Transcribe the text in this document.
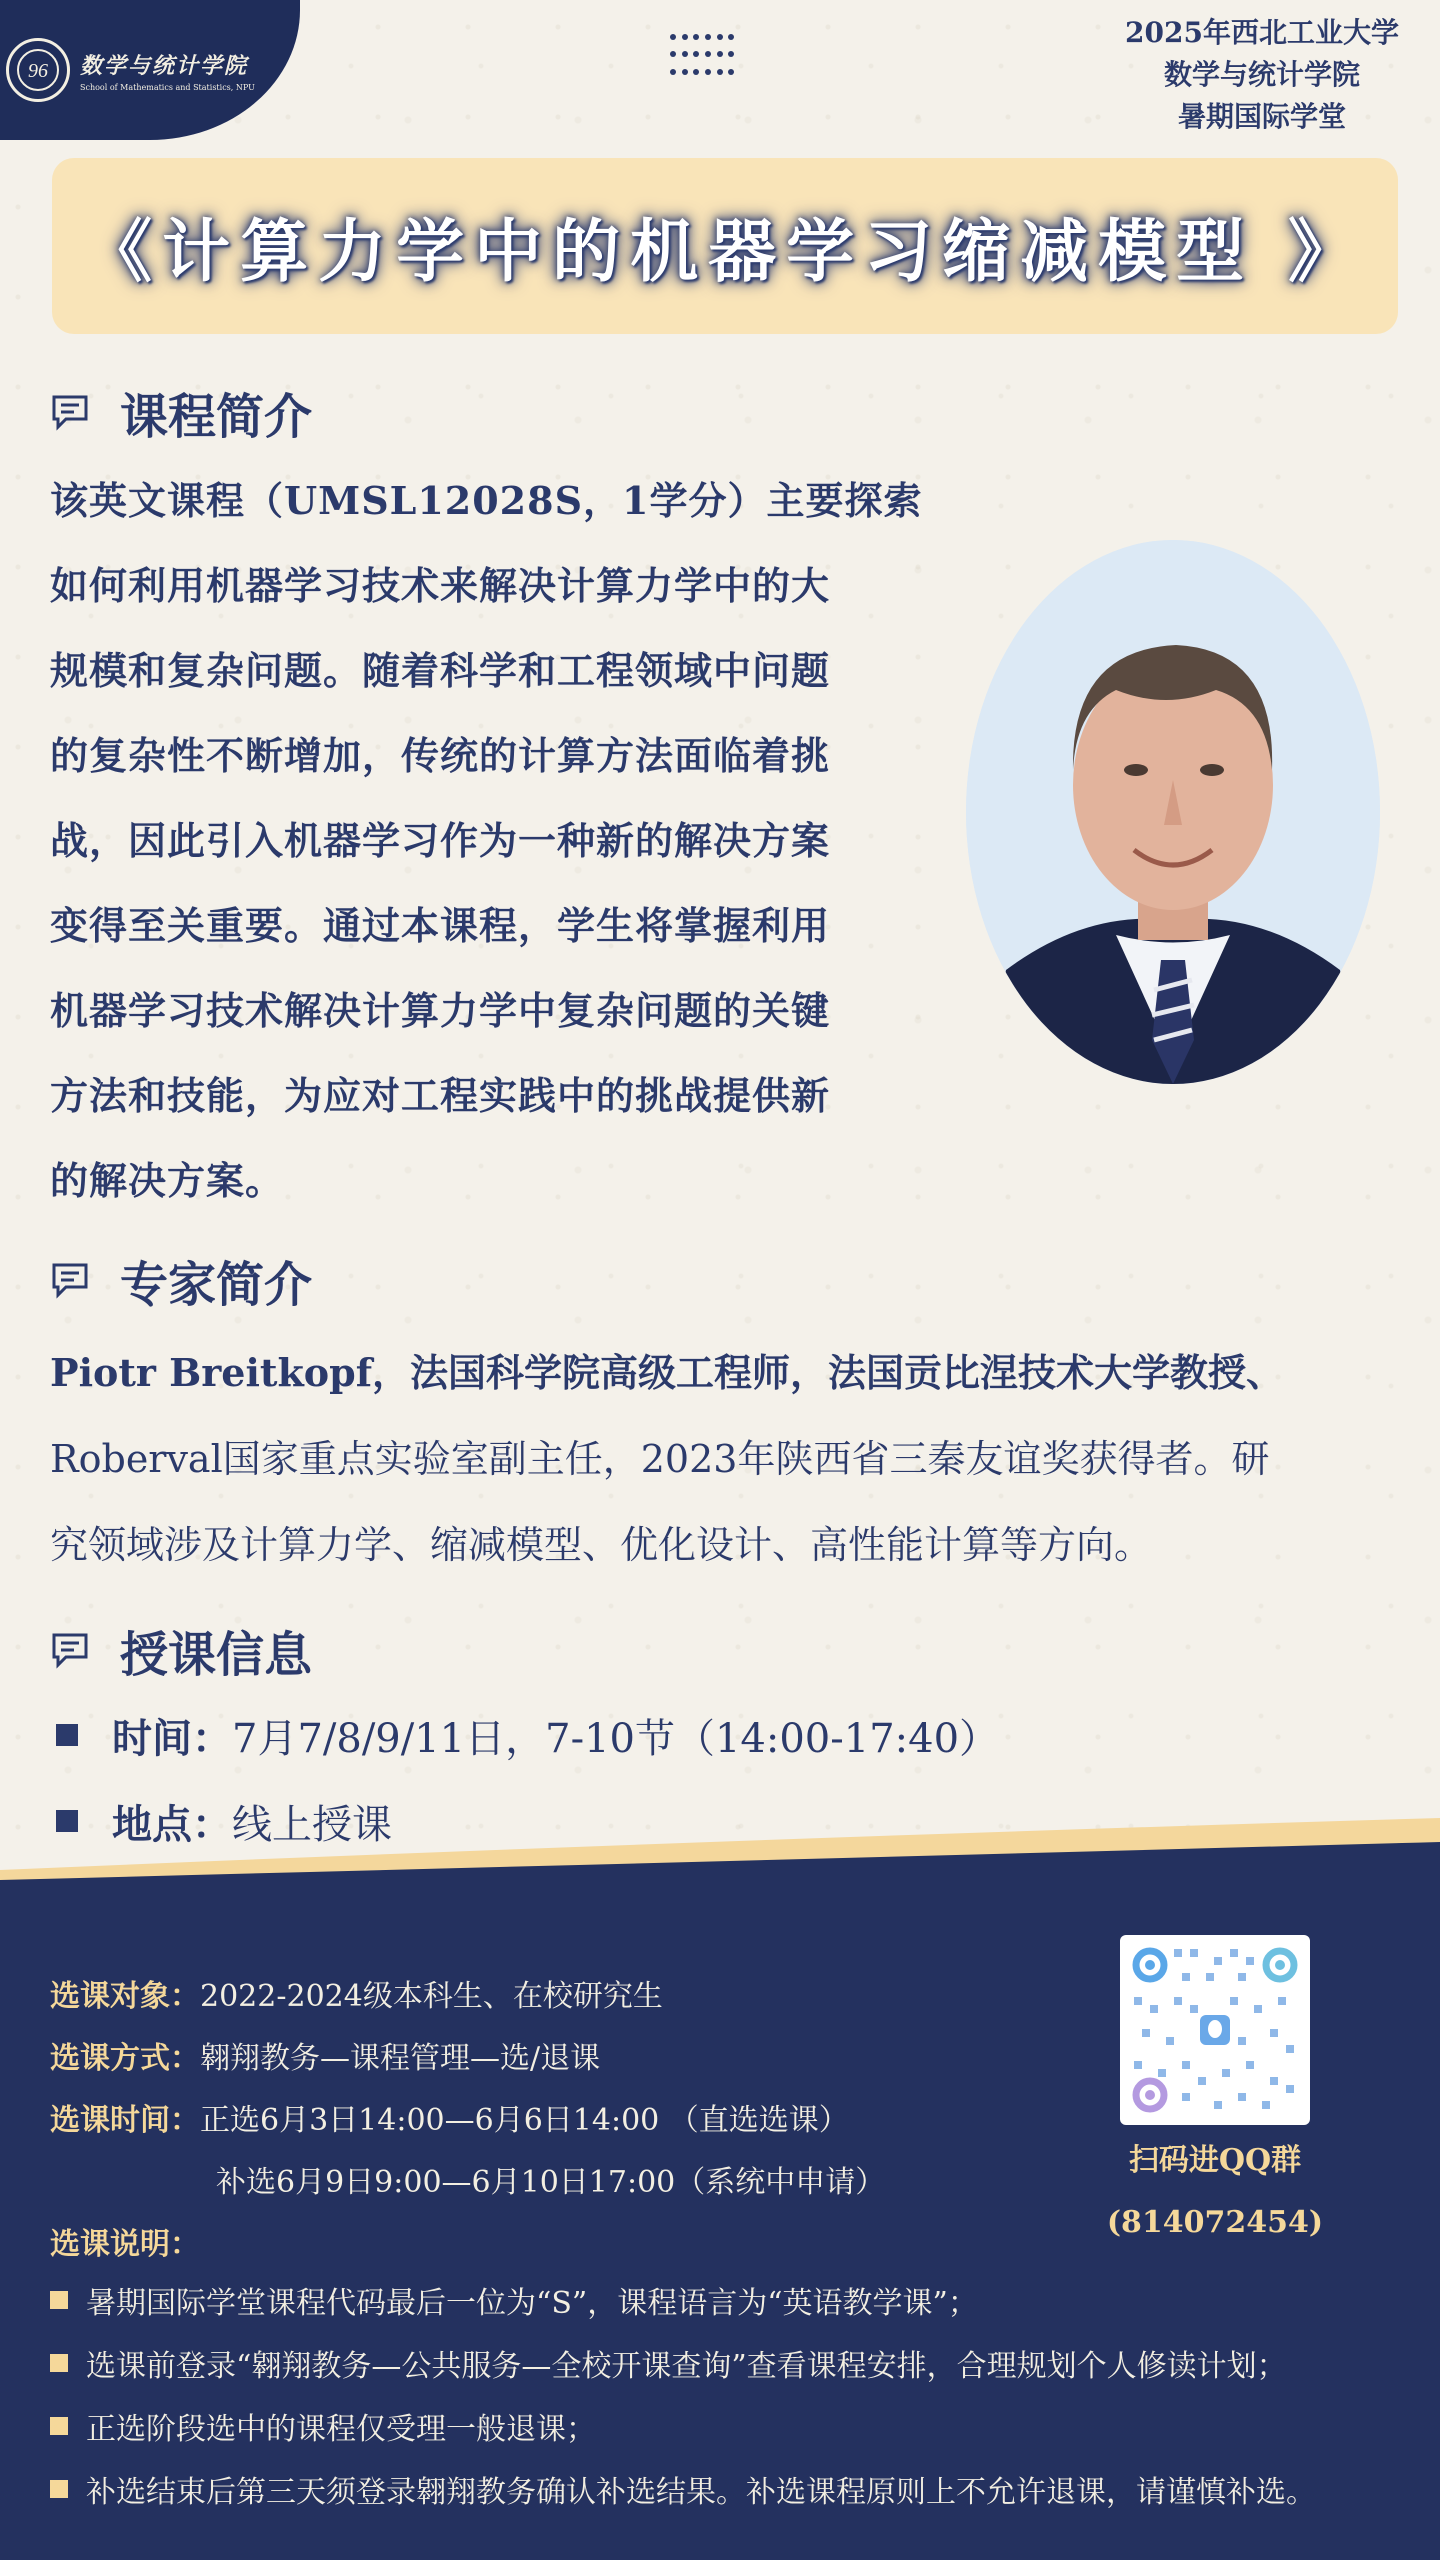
96 数学与统计学院
School of Mathematics and Statistics, NPU
2025年西北工业大学
数学与统计学院
暑期国际学堂
《计算力学中的机器学习缩减模型 》
课程简介
该英文课程（UMSL12028S，1学分）主要探索
如何利用机器学习技术来解决计算力学中的大
规模和复杂问题。随着科学和工程领域中问题
的复杂性不断增加，传统的计算方法面临着挑
战，因此引入机器学习作为一种新的解决方案
变得至关重要。通过本课程，学生将掌握利用
机器学习技术解决计算力学中复杂问题的关键
方法和技能，为应对工程实践中的挑战提供新
的解决方案。
专家简介
Piotr Breitkopf，法国科学院高级工程师，法国贡比涅技术大学教授、
Roberval国家重点实验室副主任，2023年陕西省三秦友谊奖获得者。研
究领域涉及计算力学、缩减模型、优化设计、高性能计算等方向。
授课信息
时间： 7月7/8/9/11日，7-10节（14:00-17:40）
地点： 线上授课
选课对象： 2022-2024级本科生、在校研究生
选课方式： 翱翔教务—课程管理—选/退课
选课时间： 正选6月3日14:00—6月6日14:00 （直选选课）
补选6月9日9:00—6月10日17:00（系统中申请）
选课说明：
暑期国际学堂课程代码最后一位为“S”，课程语言为“英语教学课”；
选课前登录“翱翔教务—公共服务—全校开课查询”查看课程安排，合理规划个人修读计划；
正选阶段选中的课程仅受理一般退课；
补选结束后第三天须登录翱翔教务确认补选结果。补选课程原则上不允许退课，请谨慎补选。
扫码进QQ群
(814072454)
